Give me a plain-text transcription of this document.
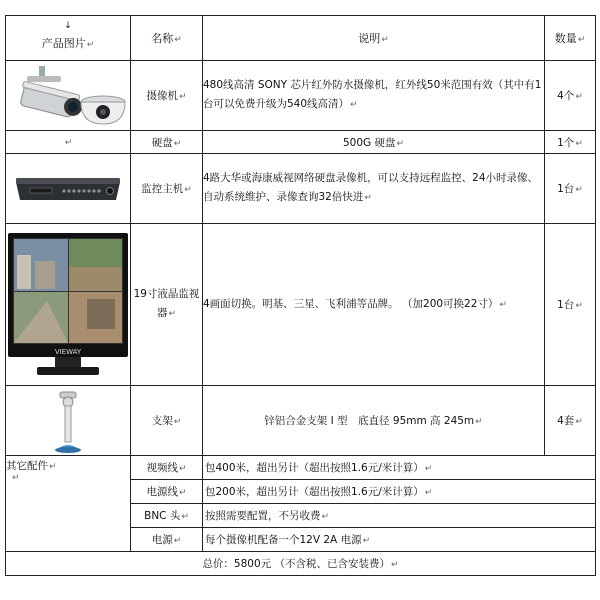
↓
产品图片↵	名称↵	说明↵	数量↵

	摄像机↵	480线高清 SONY 芯片红外防水摄像机，红外线50米范围有效（其中有1台可以免费升级为540线高清）↵	4个↵
↵	硬盘↵	500G 硬盘↵	1个↵

	监控主机↵	4路大华或海康威视网络硬盘录像机，可以支持远程监控、24小时录像、自动系统维护、录像查询32倍快进↵	1台↵

VIEWAY	19寸液晶监视器↵	4画面切换。明基、三星、飞利浦等品牌。 （加200可换22寸）↵	1台↵

	支架↵	锌铝合金支架 I 型　底直径 95mm 高 245m↵	4套↵

其它配件↵
↵	视频线↵	包400米，超出另计（超出按照1.6元/米计算）↵	
	电源线↵	包200米，超出另计（超出按照1.6元/米计算）↵	
	BNC 头↵	按照需要配置，不另收费↵	
	电源↵	每个摄像机配备一个12V 2A 电源↵	
总价：5800元 （不含税、已含安装费）↵			
